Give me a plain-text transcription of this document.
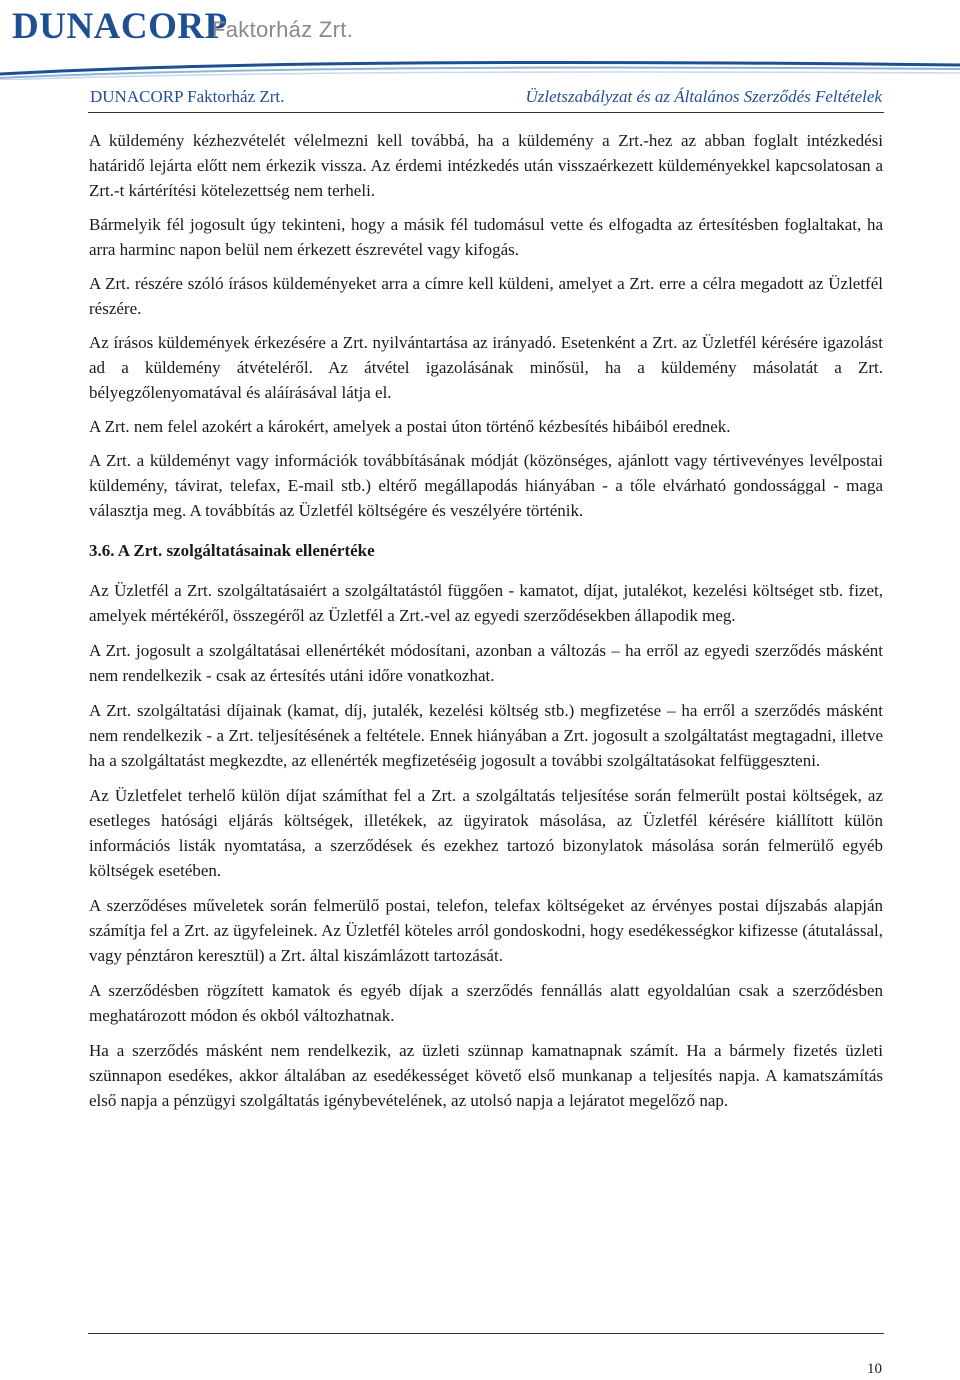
DUNACORP
Faktorház Zrt.
DUNACORP Faktorház Zrt.	Üzletszabályzat és az Általános Szerződés Feltételek

A küldemény kézhezvételét vélelmezni kell továbbá, ha a küldemény a Zrt.-hez az abban foglalt intézkedési határidő lejárta előtt nem érkezik vissza. Az érdemi intézkedés után visszaérkezett küldeményekkel kapcsolatosan a Zrt.-t kártérítési kötelezettség nem terheli.

Bármelyik fél jogosult úgy tekinteni, hogy a másik fél tudomásul vette és elfogadta az értesítésben foglaltakat, ha arra harminc napon belül nem érkezett észrevétel vagy kifogás.

A Zrt. részére szóló írásos küldeményeket arra a címre kell küldeni, amelyet a Zrt. erre a célra megadott az Üzletfél részére.

Az írásos küldemények érkezésére a Zrt. nyilvántartása az irányadó. Esetenként a Zrt. az Üzletfél kérésére igazolást ad a küldemény átvételéről. Az átvétel igazolásának minősül, ha a küldemény másolatát a Zrt. bélyegzőlenyomatával és aláírásával látja el.

A Zrt. nem felel azokért a károkért, amelyek a postai úton történő kézbesítés hibáiból erednek.

A Zrt. a küldeményt vagy információk továbbításának módját (közönséges, ajánlott vagy tértivevényes levélpostai küldemény, távirat, telefax, E-mail stb.) eltérő megállapodás hiányában - a tőle elvárható gondossággal - maga választja meg. A továbbítás az Üzletfél költségére és veszélyére történik.

3.6. A Zrt. szolgáltatásainak ellenértéke

Az Üzletfél a Zrt. szolgáltatásaiért a szolgáltatástól függően - kamatot, díjat, jutalékot, kezelési költséget stb. fizet, amelyek mértékéről, összegéről az Üzletfél a Zrt.-vel az egyedi szerződésekben állapodik meg.

A Zrt. jogosult a szolgáltatásai ellenértékét módosítani, azonban a változás – ha erről az egyedi szerződés másként nem rendelkezik - csak az értesítés utáni időre vonatkozhat.

A Zrt. szolgáltatási díjainak (kamat, díj, jutalék, kezelési költség stb.) megfizetése – ha erről a szerződés másként nem rendelkezik - a Zrt. teljesítésének a feltétele. Ennek hiányában a Zrt. jogosult a szolgáltatást megtagadni, illetve ha a szolgáltatást megkezdte, az ellenérték megfizetéséig jogosult a további szolgáltatásokat felfüggeszteni.

Az Üzletfelet terhelő külön díjat számíthat fel a Zrt. a szolgáltatás teljesítése során felmerült postai költségek, az esetleges hatósági eljárás költségek, illetékek, az ügyiratok másolása, az Üzletfél kérésére kiállított külön információs listák nyomtatása, a szerződések és ezekhez tartozó bizonylatok másolása során felmerülő egyéb költségek esetében.

A szerződéses műveletek során felmerülő postai, telefon, telefax költségeket az érvényes postai díjszabás alapján számítja fel a Zrt. az ügyfeleinek. Az Üzletfél köteles arról gondoskodni, hogy esedékességkor kifizesse (átutalással, vagy pénztáron keresztül) a Zrt. által kiszámlázott tartozását.

A szerződésben rögzített kamatok és egyéb díjak a szerződés fennállás alatt egyoldalúan csak a szerződésben meghatározott módon és okból változhatnak.

Ha a szerződés másként nem rendelkezik, az üzleti szünnap kamatnapnak számít. Ha a bármely fizetés üzleti szünnapon esedékes, akkor általában az esedékességet követő első munkanap a teljesítés napja. A kamatszámítás első napja a pénzügyi szolgáltatás igénybevételének, az utolsó napja a lejáratot megelőző nap.

10
